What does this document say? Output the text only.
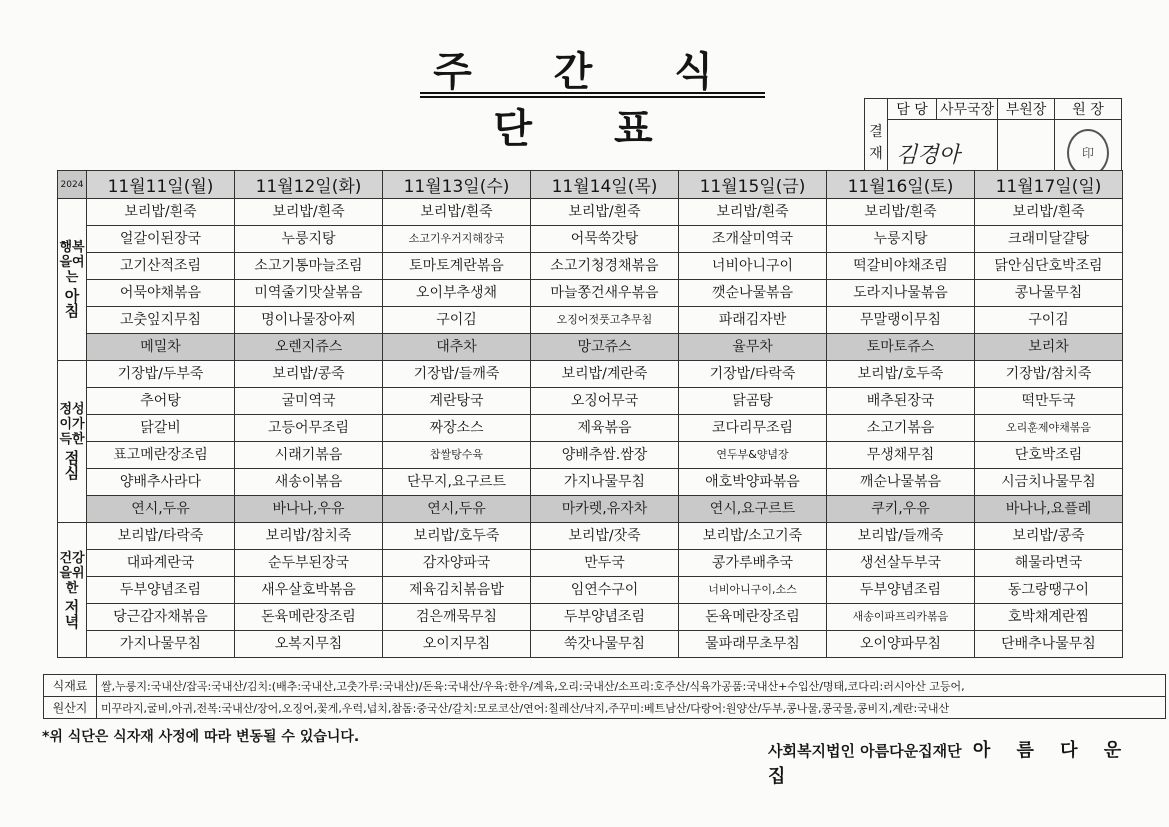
주 간 식 단 표	결 재	담 당	사무국장	부원장	원 장
	김경아			印
2024	11월11일(월)	11월12일(화)	11월13일(수)	11월14일(목)	11월15일(금)	11월16일(토)	11월17일(일)

행복을여는
아침	보리밥/흰죽	보리밥/흰죽	보리밥/흰죽	보리밥/흰죽	보리밥/흰죽	보리밥/흰죽	보리밥/흰죽
	얼갈이된장국	누룽지탕	소고기우거지해장국	어묵쑥갓탕	조개살미역국	누룽지탕	크래미달걀탕
	고기산적조림	소고기통마늘조림	토마토계란볶음	소고기청경채볶음	너비아니구이	떡갈비야채조림	닭안심단호박조림
	어묵야채볶음	미역줄기맛살볶음	오이부추생채	마늘쫑건새우볶음	깻순나물볶음	도라지나물볶음	콩나물무침
	고춧잎지무침	명이나물장아찌	구이김	오징어젓풋고추무침	파래김자반	무말랭이무침	구이김
	메밀차	오렌지쥬스	대추차	망고쥬스	율무차	토마토쥬스	보리차

정성이가득한
점심	기장밥/두부죽	보리밥/콩죽	기장밥/들깨죽	보리밥/계란죽	기장밥/타락죽	보리밥/호두죽	기장밥/참치죽
	추어탕	굴미역국	계란탕국	오징어무국	닭곰탕	배추된장국	떡만두국
	닭갈비	고등어무조림	짜장소스	제육볶음	코다리무조림	소고기볶음	오리훈제야채볶음
	표고메란장조림	시래기볶음	찹쌀탕수육	양배추쌈.쌈장	연두부&양념장	무생채무침	단호박조림
	양배추사라다	새송이볶음	단무지,요구르트	가지나물무침	애호박양파볶음	깨순나물볶음	시금치나물무침
	연시,두유	바나나,우유	연시,두유	마카렛,유자차	연시,요구르트	쿠키,우유	바나나,요플레

건강을위한
저녁	보리밥/타락죽	보리밥/참치죽	보리밥/호두죽	보리밥/잣죽	보리밥/소고기죽	보리밥/들깨죽	보리밥/콩죽
	대파계란국	순두부된장국	감자양파국	만두국	콩가루배추국	생선살두부국	해물라면국
	두부양념조림	새우살호박볶음	제육김치볶음밥	임연수구이	너비아니구이,소스	두부양념조림	동그랑땡구이
	당근감자채볶음	돈육메란장조림	검은깨묵무침	두부양념조림	돈육메란장조림	새송이파프리카볶음	호박채계란찜
	가지나물무침	오복지무침	오이지무침	쑥갓나물무침	물파래무초무침	오이양파무침	단배추나물무침
식재료	쌀,누룽지:국내산/잡곡:국내산/김치:(배추:국내산,고춧가루:국내산)/돈육:국내산/우육:한우/계육,오리:국내산/소프리:호주산/식육가공품:국내산+수입산/명태,코다리:러시아산 고등어,
원산지	미꾸라지,굴비,아귀,전복:국내산/장어,오징어,꽃게,우럭,넙치,참돔:중국산/갈치:모로코산/연어:칠레산/낙지,주꾸미:베트남산/다랑어:원양산/두부,콩나물,콩국물,콩비지,계란:국내산

*위 식단은 식자재 사정에 따라 변동될 수 있습니다.

사회복지법인 아름다운집재단 아 름 다 운 집
